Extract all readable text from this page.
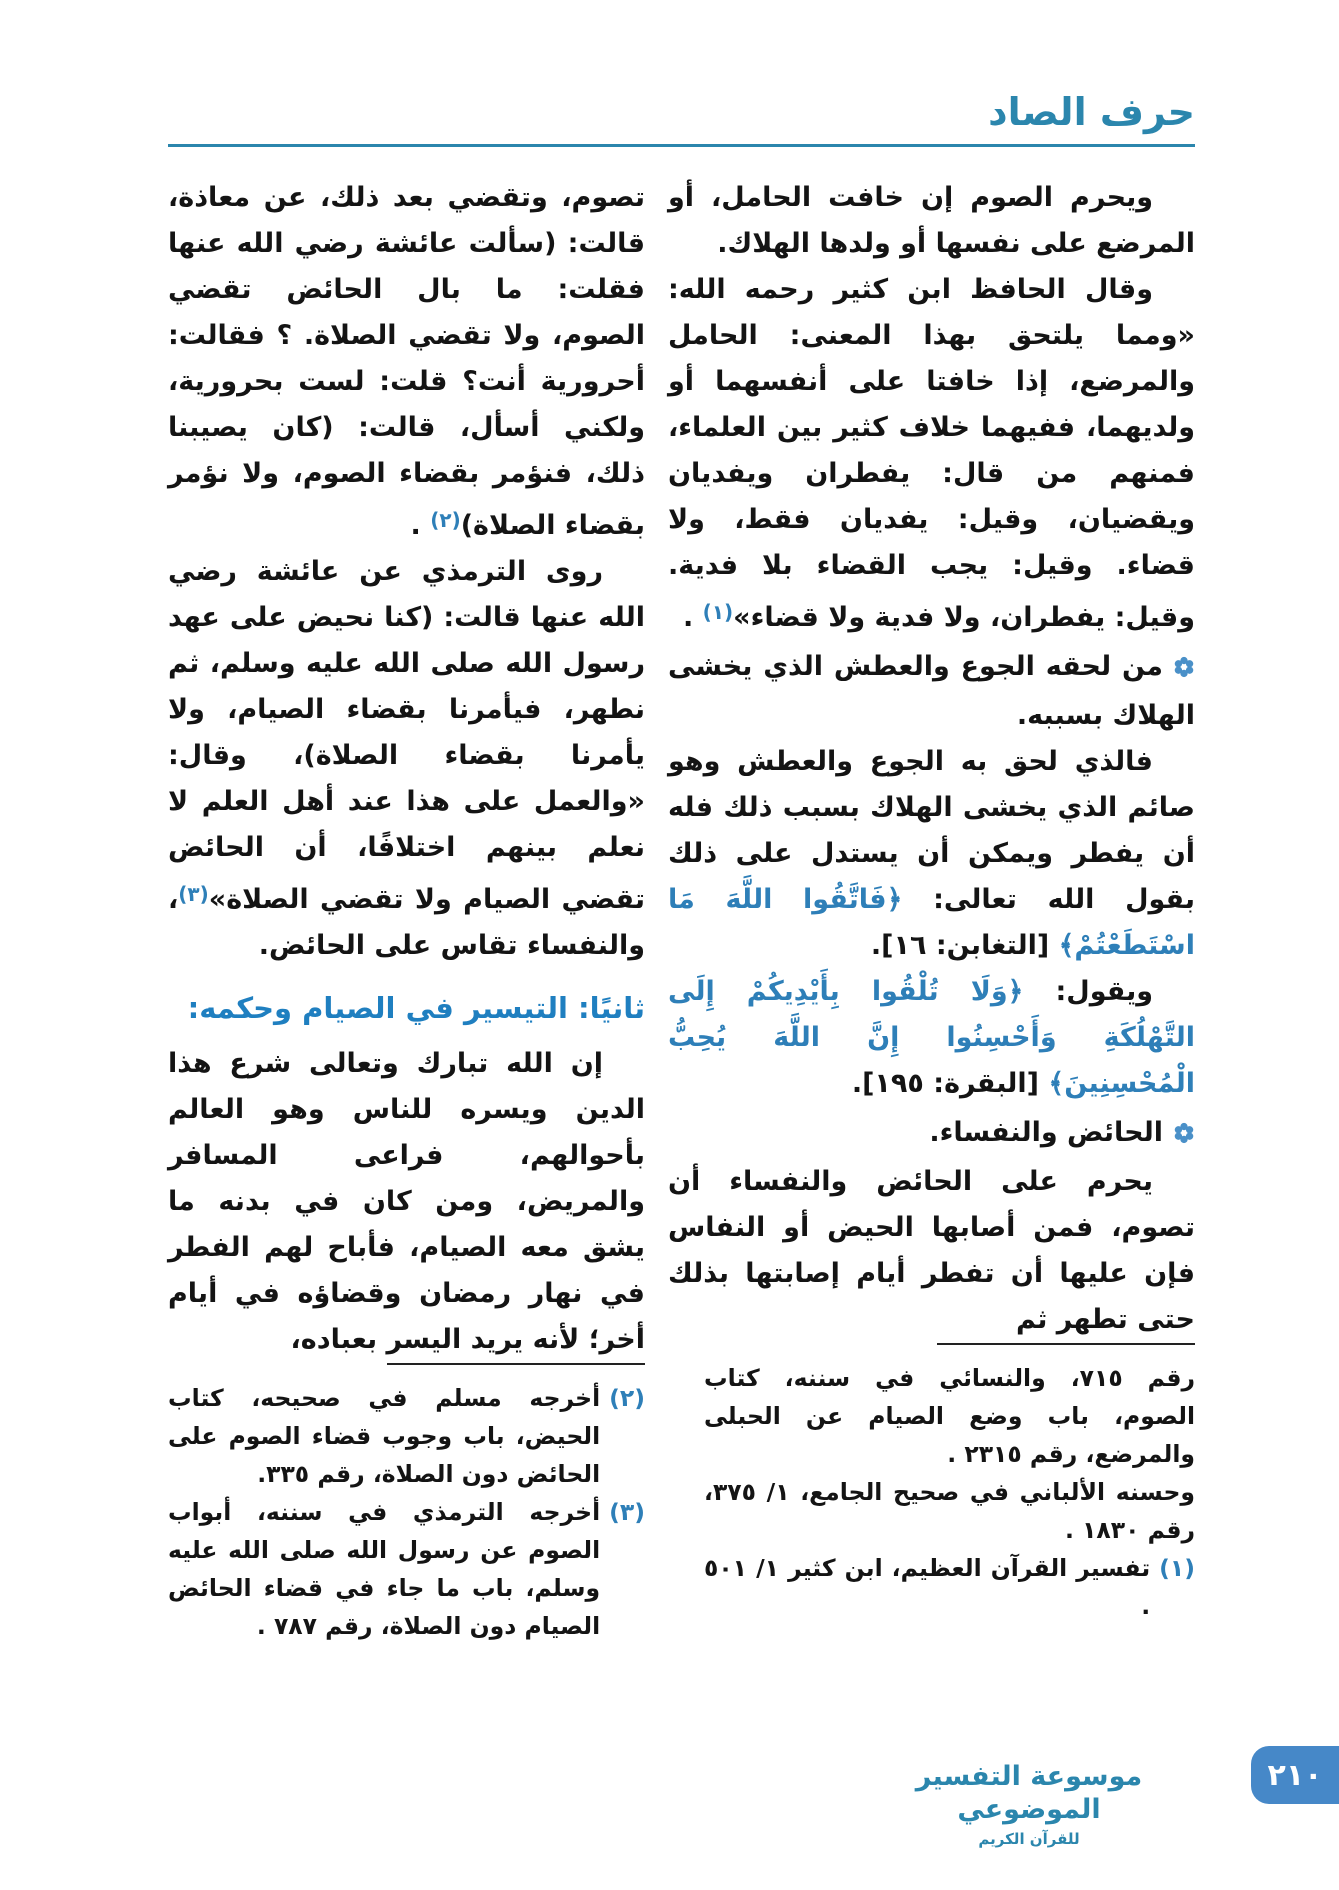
حرف الصاد

ويحرم الصوم إن خافت الحامل، أو المرضع على نفسها أو ولدها الهلاك.

وقال الحافظ ابن كثير رحمه الله: «ومما يلتحق بهذا المعنى: الحامل والمرضع، إذا خافتا على أنفسهما أو ولديهما، ففيهما خلاف كثير بين العلماء، فمنهم من قال: يفطران ويفديان ويقضيان، وقيل: يفديان فقط، ولا قضاء. وقيل: يجب القضاء بلا فدية. وقيل: يفطران، ولا فدية ولا قضاء»$^{(١)}$ .

من لحقه الجوع والعطش الذي يخشى الهلاك بسببه.

فالذي لحق به الجوع والعطش وهو صائم الذي يخشى الهلاك بسبب ذلك فله أن يفطر ويمكن أن يستدل على ذلك بقول الله تعالى: ﴿فَاتَّقُوا اللَّهَ مَا اسْتَطَعْتُمْ﴾ [التغابن: ١٦].

ويقول: ﴿وَلَا تُلْقُوا بِأَيْدِيكُمْ إِلَى التَّهْلُكَةِ وَأَحْسِنُوا إِنَّ اللَّهَ يُحِبُّ الْمُحْسِنِينَ﴾ [البقرة: ١٩٥].

الحائض والنفساء.

يحرم على الحائض والنفساء أن تصوم، فمن أصابها الحيض أو النفاس فإن عليها أن تفطر أيام إصابتها بذلك حتى تطهر ثم

رقم ٧١٥، والنسائي في سننه، كتاب الصوم، باب وضع الصيام عن الحبلى والمرضع، رقم ٢٣١٥ .

وحسنه الألباني في صحيح الجامع، ١/ ٣٧٥، رقم ١٨٣٠ .

(١)
تفسير القرآن العظيم، ابن كثير ١/ ٥٠١ .

تصوم، وتقضي بعد ذلك، عن معاذة، قالت: (سألت عائشة رضي الله عنها فقلت: ما بال الحائض تقضي الصوم، ولا تقضي الصلاة. ؟ فقالت: أحرورية أنت؟ قلت: لست بحرورية، ولكني أسأل، قالت: (كان يصيبنا ذلك، فنؤمر بقضاء الصوم، ولا نؤمر بقضاء الصلاة)$^{(٢)}$ .

روى الترمذي عن عائشة رضي الله عنها قالت: (كنا نحيض على عهد رسول الله صلى الله عليه وسلم، ثم نطهر، فيأمرنا بقضاء الصيام، ولا يأمرنا بقضاء الصلاة)، وقال: «والعمل على هذا عند أهل العلم لا نعلم بينهم اختلافًا، أن الحائض تقضي الصيام ولا تقضي الصلاة»$^{(٣)}$، والنفساء تقاس على الحائض.

ثانيًا: التيسير في الصيام وحكمه:

إن الله تبارك وتعالى شرع هذا الدين ويسره للناس وهو العالم بأحوالهم، فراعى المسافر والمريض، ومن كان في بدنه ما يشق معه الصيام، فأباح لهم الفطر في نهار رمضان وقضاؤه في أيام أخر؛ لأنه يريد اليسر بعباده،

(٢)
أخرجه مسلم في صحيحه، كتاب الحيض، باب وجوب قضاء الصوم على الحائض دون الصلاة، رقم ٣٣٥.

(٣)
أخرجه الترمذي في سننه، أبواب الصوم عن رسول الله صلى الله عليه وسلم، باب ما جاء في قضاء الحائض الصيام دون الصلاة، رقم ٧٨٧ .

موسوعة التفسير الموضوعي
للقرآن الكريم
٢١٠
